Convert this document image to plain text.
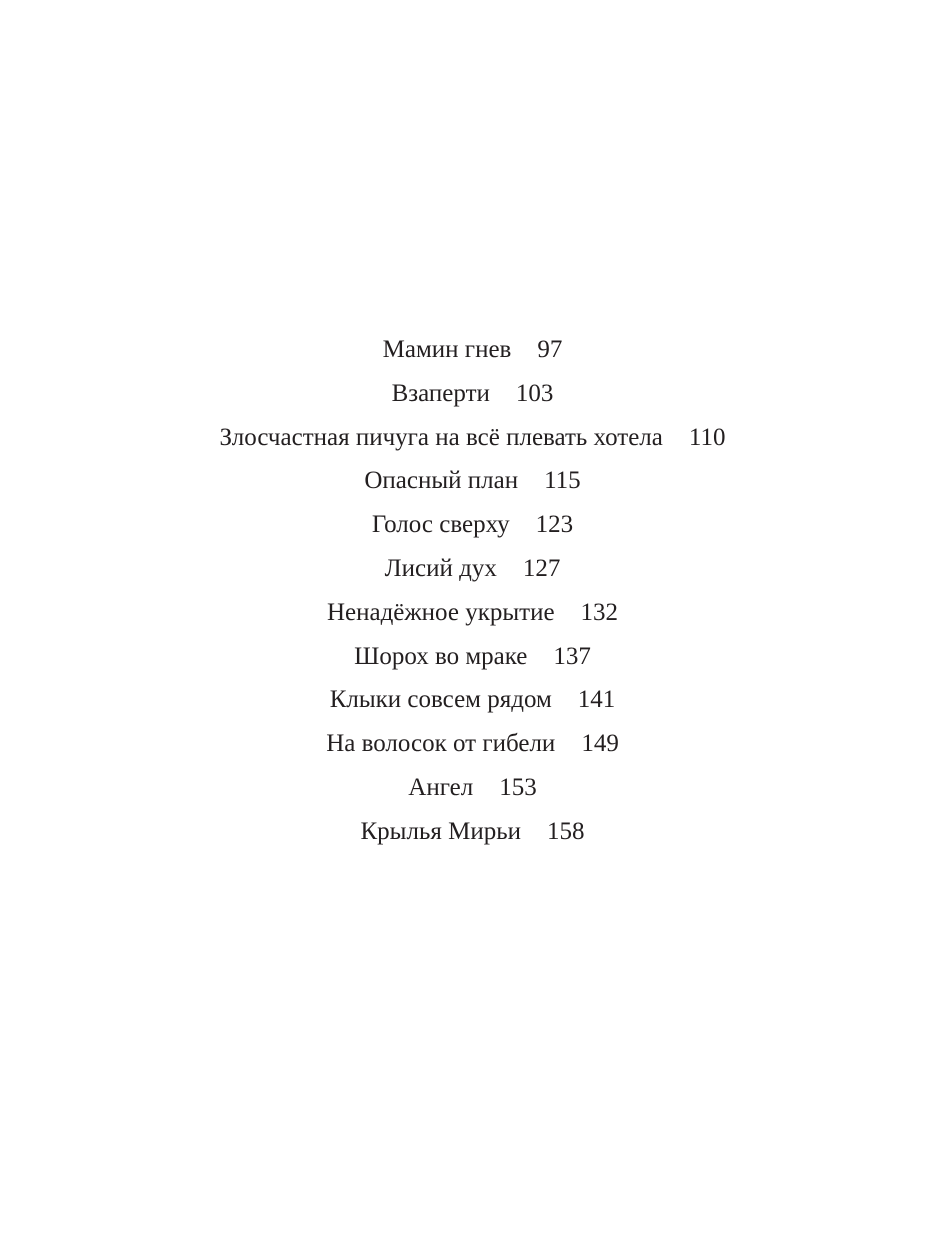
Мамин гнев 97
Взаперти 103
Злосчастная пичуга на всё плевать хотела 110
Опасный план 115
Голос сверху 123
Лисий дух 127
Ненадёжное укрытие 132
Шорох во мраке 137
Клыки совсем рядом 141
На волосок от гибели 149
Ангел 153
Крылья Мирьи 158
